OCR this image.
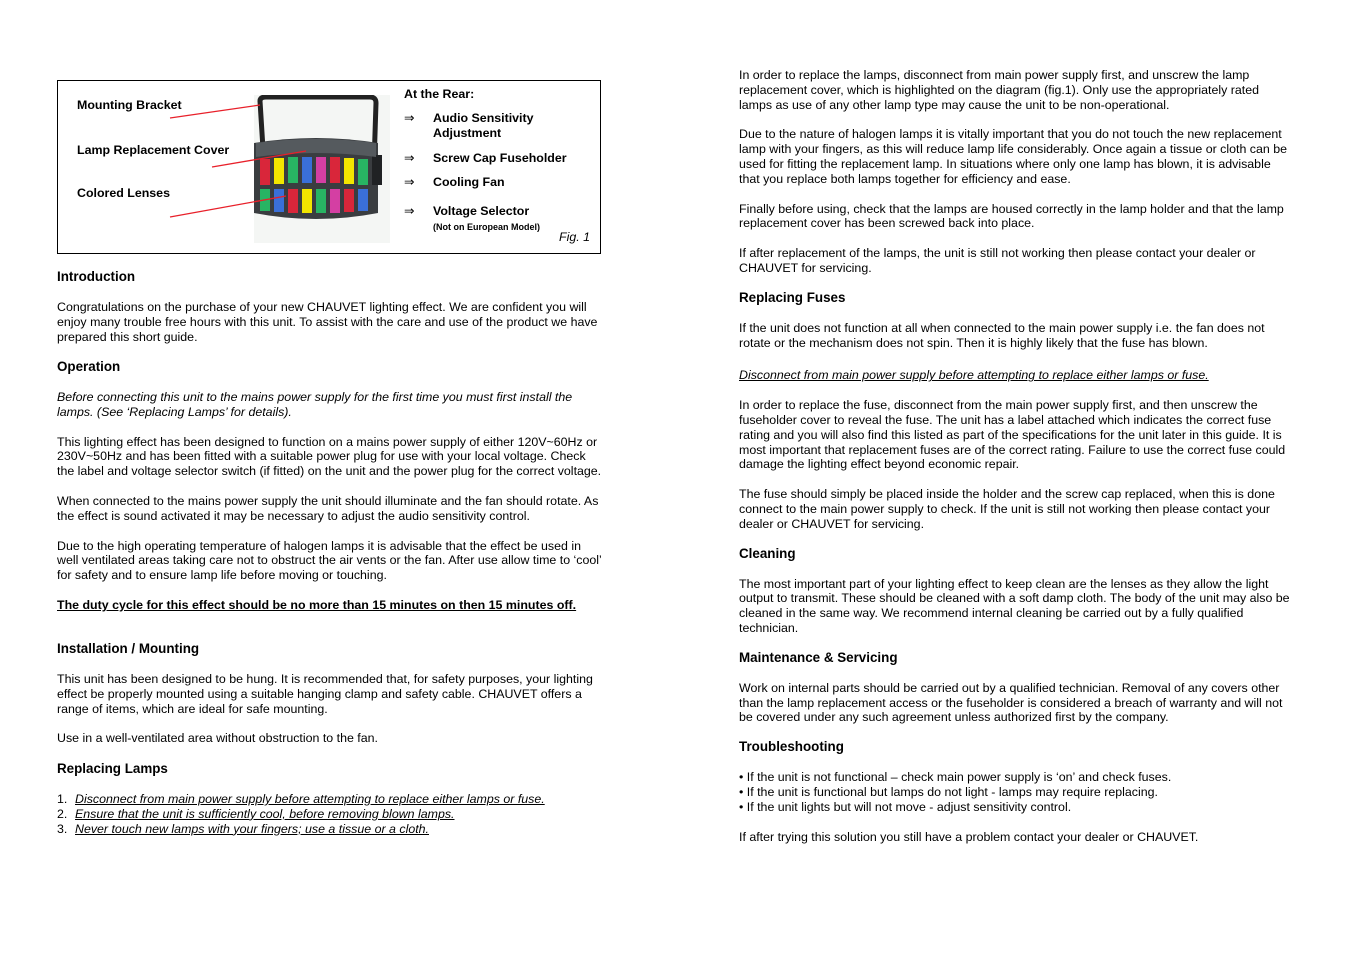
Mounting Bracket
Lamp Replacement Cover
Colored Lenses
At the Rear:
⇒ Audio Sensitivity
Adjustment
⇒ Screw Cap Fuseholder
⇒ Cooling Fan
⇒ Voltage Selector
(Not on European Model)
Fig. 1
Introduction

Congratulations on the purchase of your new CHAUVET lighting effect. We are confident you will enjoy many trouble free hours with this unit. To assist with the care and use of the product we have prepared this short guide.

Operation

Before connecting this unit to the mains power supply for the first time you must first install the lamps. (See ‘Replacing Lamps’ for details).

This lighting effect has been designed to function on a mains power supply of either 120V~60Hz or 230V~50Hz and has been fitted with a suitable power plug for use with your local voltage. Check the label and voltage selector switch (if fitted) on the unit and the power plug for the correct voltage.

When connected to the mains power supply the unit should illuminate and the fan should rotate. As the effect is sound activated it may be necessary to adjust the audio sensitivity control.

Due to the high operating temperature of halogen lamps it is advisable that the effect be used in well ventilated areas taking care not to obstruct the air vents or the fan. After use allow time to ‘cool’ for safety and to ensure lamp life before moving or touching.

The duty cycle for this effect should be no more than 15 minutes on then 15 minutes off.

Installation / Mounting

This unit has been designed to be hung. It is recommended that, for safety purposes, your lighting effect be properly mounted using a suitable hanging clamp and safety cable. CHAUVET offers a range of items, which are ideal for safe mounting.

Use in a well-ventilated area without obstruction to the fan.

Replacing Lamps
1. Disconnect from main power supply before attempting to replace either lamps or fuse.
2. Ensure that the unit is sufficiently cool, before removing blown lamps.
3. Never touch new lamps with your fingers; use a tissue or a cloth.

In order to replace the lamps, disconnect from main power supply first, and unscrew the lamp replacement cover, which is highlighted on the diagram (fig.1). Only use the appropriately rated lamps as use of any other lamp type may cause the unit to be non-operational.

Due to the nature of halogen lamps it is vitally important that you do not touch the new replacement lamp with your fingers, as this will reduce lamp life considerably. Once again a tissue or cloth can be used for fitting the replacement lamp. In situations where only one lamp has blown, it is advisable that you replace both lamps together for efficiency and ease.

Finally before using, check that the lamps are housed correctly in the lamp holder and that the lamp replacement cover has been screwed back into place.

If after replacement of the lamps, the unit is still not working then please contact your dealer or CHAUVET for servicing.

Replacing Fuses

If the unit does not function at all when connected to the main power supply i.e. the fan does not rotate or the mechanism does not spin. Then it is highly likely that the fuse has blown.

Disconnect from main power supply before attempting to replace either lamps or fuse.

In order to replace the fuse, disconnect from the main power supply first, and then unscrew the fuseholder cover to reveal the fuse. The unit has a label attached which indicates the correct fuse rating and you will also find this listed as part of the specifications for the unit later in this guide. It is most important that replacement fuses are of the correct rating. Failure to use the correct fuse could damage the lighting effect beyond economic repair.

The fuse should simply be placed inside the holder and the screw cap replaced, when this is done connect to the main power supply to check. If the unit is still not working then please contact your dealer or CHAUVET for servicing.

Cleaning

The most important part of your lighting effect to keep clean are the lenses as they allow the light output to transmit. These should be cleaned with a soft damp cloth. The body of the unit may also be cleaned in the same way. We recommend internal cleaning be carried out by a fully qualified technician.

Maintenance & Servicing

Work on internal parts should be carried out by a qualified technician. Removal of any covers other than the lamp replacement access or the fuseholder is considered a breach of warranty and will not be covered under any such agreement unless authorized first by the company.

Troubleshooting
• If the unit is not functional – check main power supply is ‘on’ and check fuses.
• If the unit is functional but lamps do not light - lamps may require replacing.
• If the unit lights but will not move - adjust sensitivity control.

If after trying this solution you still have a problem contact your dealer or CHAUVET.
